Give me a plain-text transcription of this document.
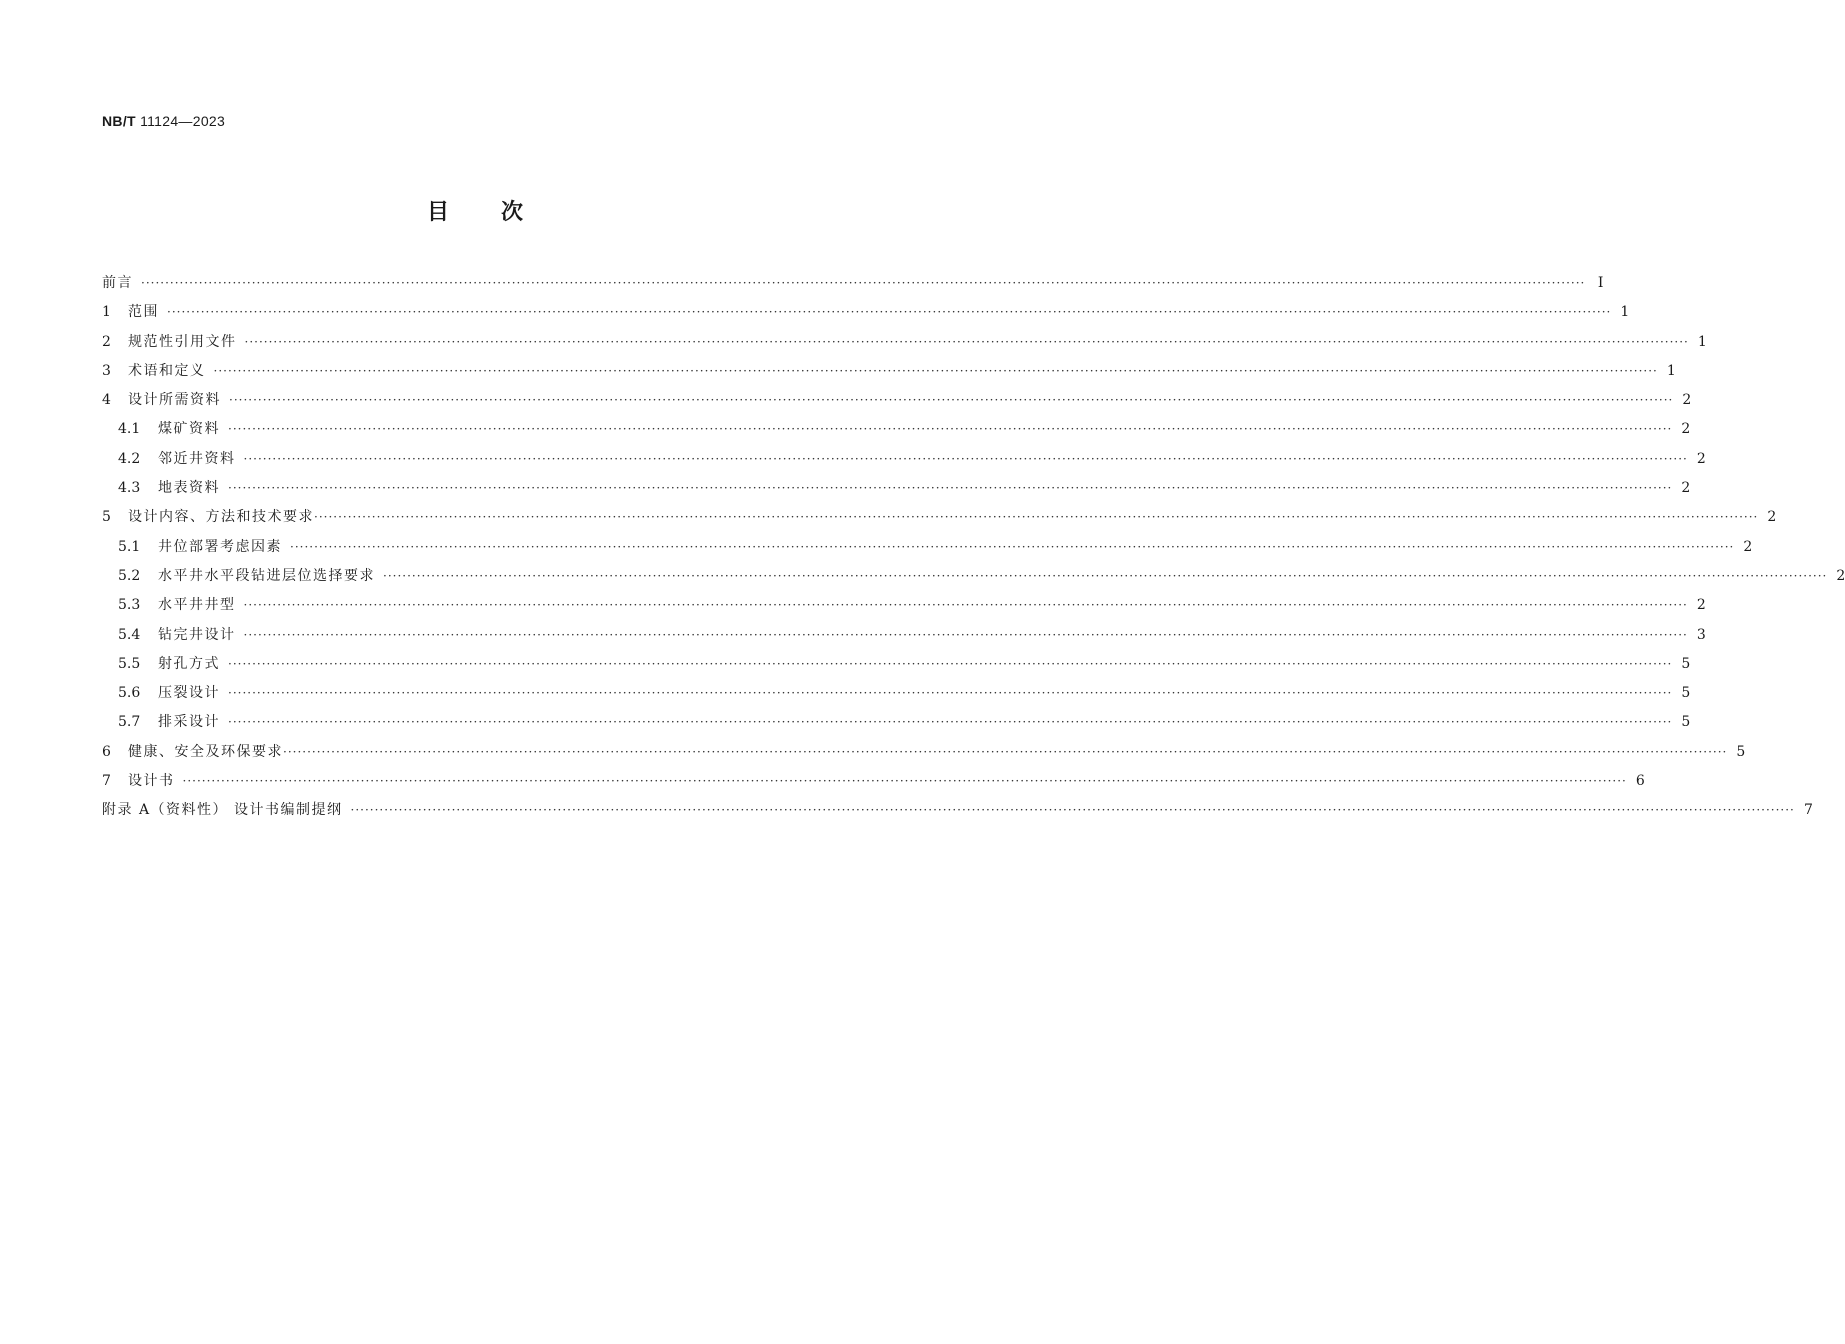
NB/T 11124—2023
目次
前言 ············································································································································································································································································································ Ⅰ
1	范围 ············································································································································································································································································································ 1
2	规范性引用文件 ············································································································································································································································································································ 1
3	术语和定义 ············································································································································································································································································································ 1
4	设计所需资料 ············································································································································································································································································································ 2
4.1	煤矿资料 ············································································································································································································································································································ 2
4.2	邻近井资料 ············································································································································································································································································································ 2
4.3	地表资料 ············································································································································································································································································································ 2
5	设计内容、方法和技术要求 ············································································································································································································································································································ 2
5.1	井位部署考虑因素 ············································································································································································································································································································ 2
5.2	水平井水平段钻进层位选择要求 ············································································································································································································································································································ 2
5.3	水平井井型 ············································································································································································································································································································ 2
5.4	钻完井设计 ············································································································································································································································································································ 3
5.5	射孔方式 ············································································································································································································································································································ 5
5.6	压裂设计 ············································································································································································································································································································ 5
5.7	排采设计 ············································································································································································································································································································ 5
6	健康、安全及环保要求 ············································································································································································································································································································ 5
7	设计书 ············································································································································································································································································································ 6
附录 A（资料性） 设计书编制提纲 ············································································································································································································································································································ 7
